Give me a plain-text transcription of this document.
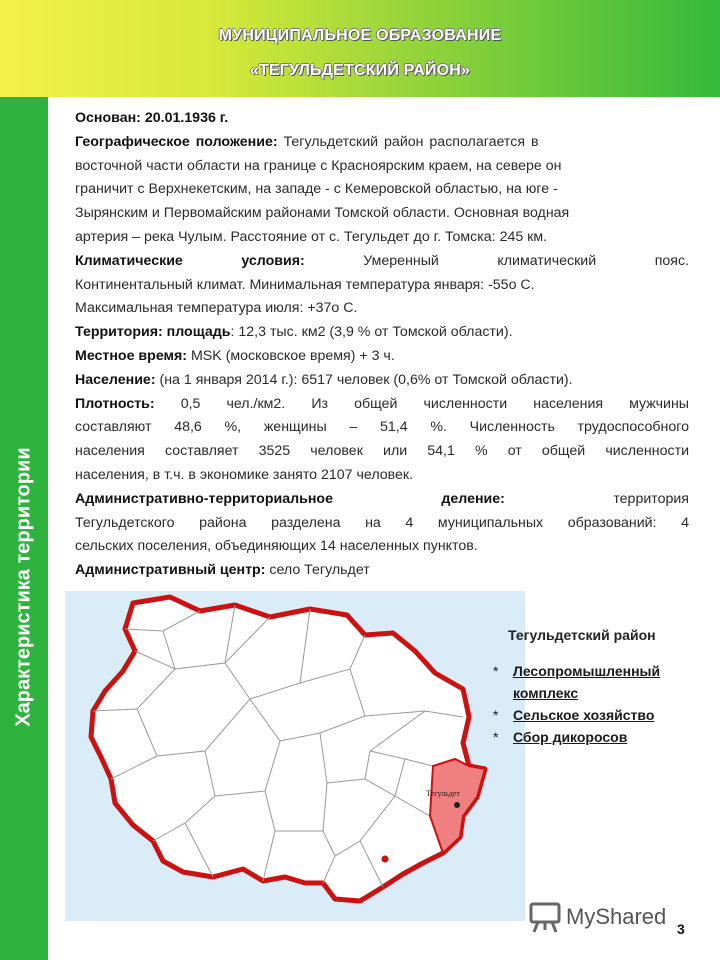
МУНИЦИПАЛЬНОЕ ОБРАЗОВАНИЕ
«ТЕГУЛЬДЕТСКИЙ РАЙОН»
Характеристика территории
Основан: 20.01.1936 г.
Географическое положение: Тегульдетский район располагается в
восточной части области на границе с Красноярским краем, на севере он
граничит с Верхнекетским, на западе - с Кемеровской областью, на юге -
Зырянским и Первомайским районами Томской области. Основная водная
артерия – река Чулым. Расстояние от с. Тегульдет до г. Томска: 245 км.
Климатические условия:	Умеренный климатический пояс.
Континентальный климат. Минимальная температура января: -55o С.
Максимальная температура июля: +37o С.
Территория: площадь: 12,3 тыс. км2 (3,9 % от Томской области).
Местное время: MSK (московское время) + 3 ч.
Население: (на 1 января 2014 г.): 6517 человек (0,6% от Томской области).
Плотность: 0,5 чел./км2. Из общей численности населения мужчины
составляют 48,6 %, женщины – 51,4 %. Численность трудоспособного
населения составляет 3525 человек или 54,1 % от общей численности
населения, в т.ч. в экономике занято 2107 человек.
Административно-территориальное деление:	территория
Тегульдетского района разделена на 4 муниципальных образований: 4
сельских поселения, объединяющих 14 населенных пунктов.
Административный центр: село Тегульдет
Тегульдет
Тегульдетский район
* Лесопромышленный
комплекс
* Сельское хозяйство
* Сбор дикоросов
MyShared 3
